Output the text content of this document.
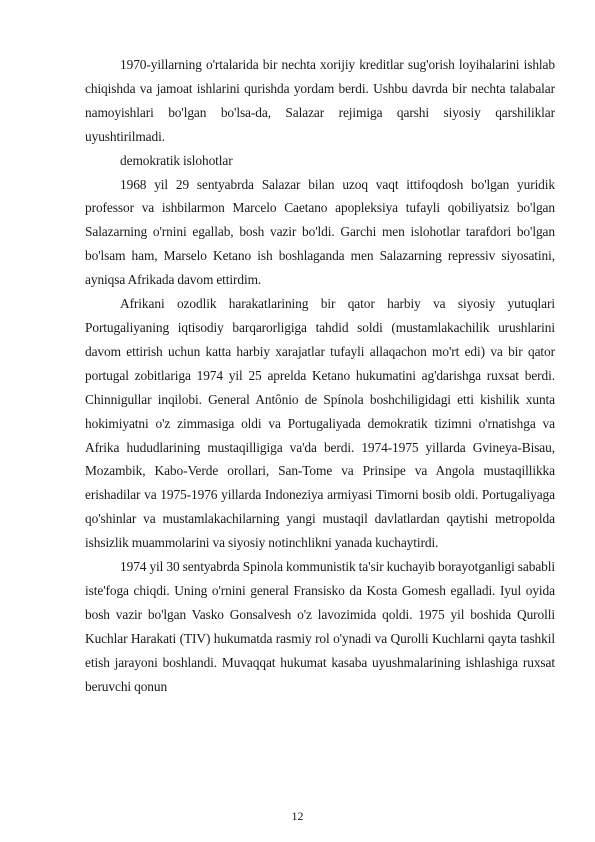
1970-yillarning o'rtalarida bir nechta xorijiy kreditlar sug'orish loyihalarini ishlab chiqishda va jamoat ishlarini qurishda yordam berdi. Ushbu davrda bir nechta talabalar namoyishlari bo'lgan bo'lsa-da, Salazar rejimiga qarshi siyosiy qarshiliklar uyushtirilmadi.

demokratik islohotlar

1968 yil 29 sentyabrda Salazar bilan uzoq vaqt ittifoqdosh bo'lgan yuridik professor va ishbilarmon Marcelo Caetano apopleksiya tufayli qobiliyatsiz bo'lgan Salazarning o'rnini egallab, bosh vazir bo'ldi. Garchi men islohotlar tarafdori bo'lgan bo'lsam ham, Marselo Ketano ish boshlaganda men Salazarning repressiv siyosatini, ayniqsa Afrikada davom ettirdim.

Afrikani ozodlik harakatlarining bir qator harbiy va siyosiy yutuqlari Portugaliyaning iqtisodiy barqarorligiga tahdid soldi (mustamlakachilik urushlarini davom ettirish uchun katta harbiy xarajatlar tufayli allaqachon mo'rt edi) va bir qator portugal zobitlariga 1974 yil 25 aprelda Ketano hukumatini ag'darishga ruxsat berdi. Chinnigullar inqilobi. General Antônio de Spínola boshchiligidagi etti kishilik xunta hokimiyatni o'z zimmasiga oldi va Portugaliyada demokratik tizimni o'rnatishga va Afrika hududlarining mustaqilligiga va'da berdi. 1974-1975 yillarda Gvineya-Bisau, Mozambik, Kabo-Verde orollari, San-Tome va Prinsipe va Angola mustaqillikka erishadilar va 1975-1976 yillarda Indoneziya armiyasi Timorni bosib oldi. Portugaliyaga qo'shinlar va mustamlakachilarning yangi mustaqil davlatlardan qaytishi metropolda ishsizlik muammolarini va siyosiy notinchlikni yanada kuchaytirdi.

1974 yil 30 sentyabrda Spinola kommunistik ta'sir kuchayib borayotganligi sababli iste'foga chiqdi. Uning o'rnini general Fransisko da Kosta Gomesh egalladi. Iyul oyida bosh vazir bo'lgan Vasko Gonsalvesh o'z lavozimida qoldi. 1975 yil boshida Qurolli Kuchlar Harakati (TIV) hukumatda rasmiy rol o'ynadi va Qurolli Kuchlarni qayta tashkil etish jarayoni boshlandi. Muvaqqat hukumat kasaba uyushmalarining ishlashiga ruxsat beruvchi qonun

12
